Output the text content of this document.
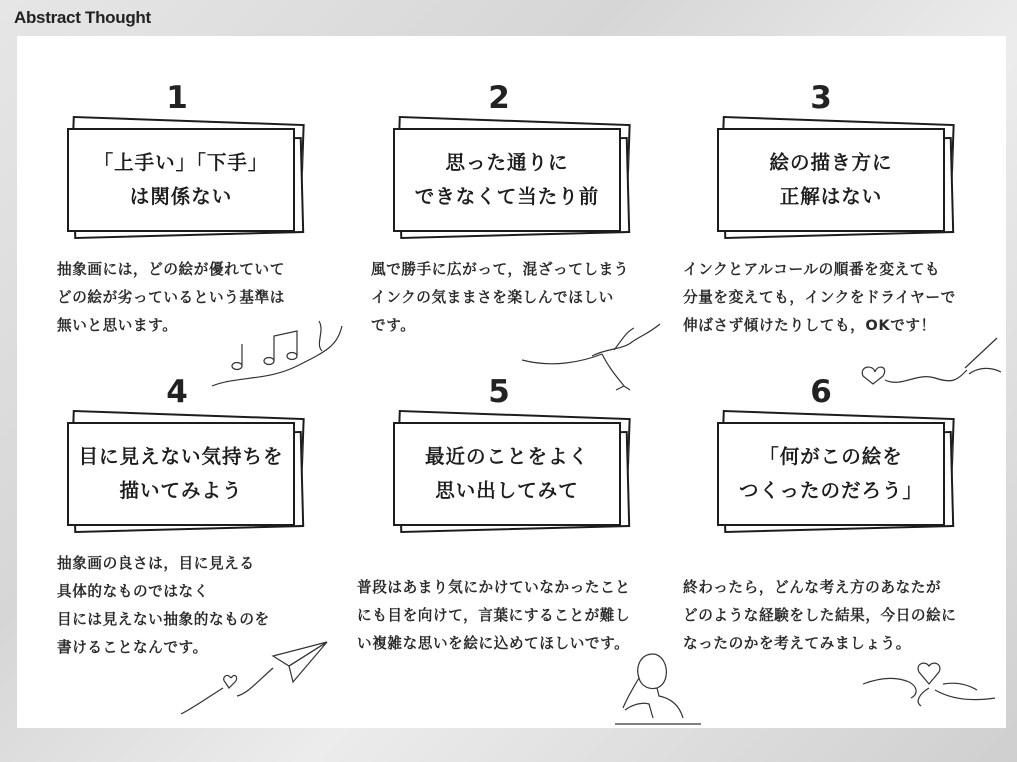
Abstract Thought
1
「上手い」「下手」
は関係ない
抽象画には，どの絵が優れていて
どの絵が劣っているという基準は
無いと思います。
2
思った通りに
できなくて当たり前
風で勝手に広がって，混ざってしまう
インクの気ままさを楽しんでほしい
です。
3
絵の描き方に
正解はない
インクとアルコールの順番を変えても
分量を変えても，インクをドライヤーで
伸ばさず傾けたりしても，OKです！
4
目に見えない気持ちを
描いてみよう
抽象画の良さは，目に見える
具体的なものではなく
目には見えない抽象的なものを
書けることなんです。
5
最近のことをよく
思い出してみて
普段はあまり気にかけていなかったこと
にも目を向けて，言葉にすることが難し
い複雑な思いを絵に込めてほしいです。
6
「何がこの絵を
つくったのだろう」
終わったら，どんな考え方のあなたが
どのような経験をした結果，今日の絵に
なったのかを考えてみましょう。
